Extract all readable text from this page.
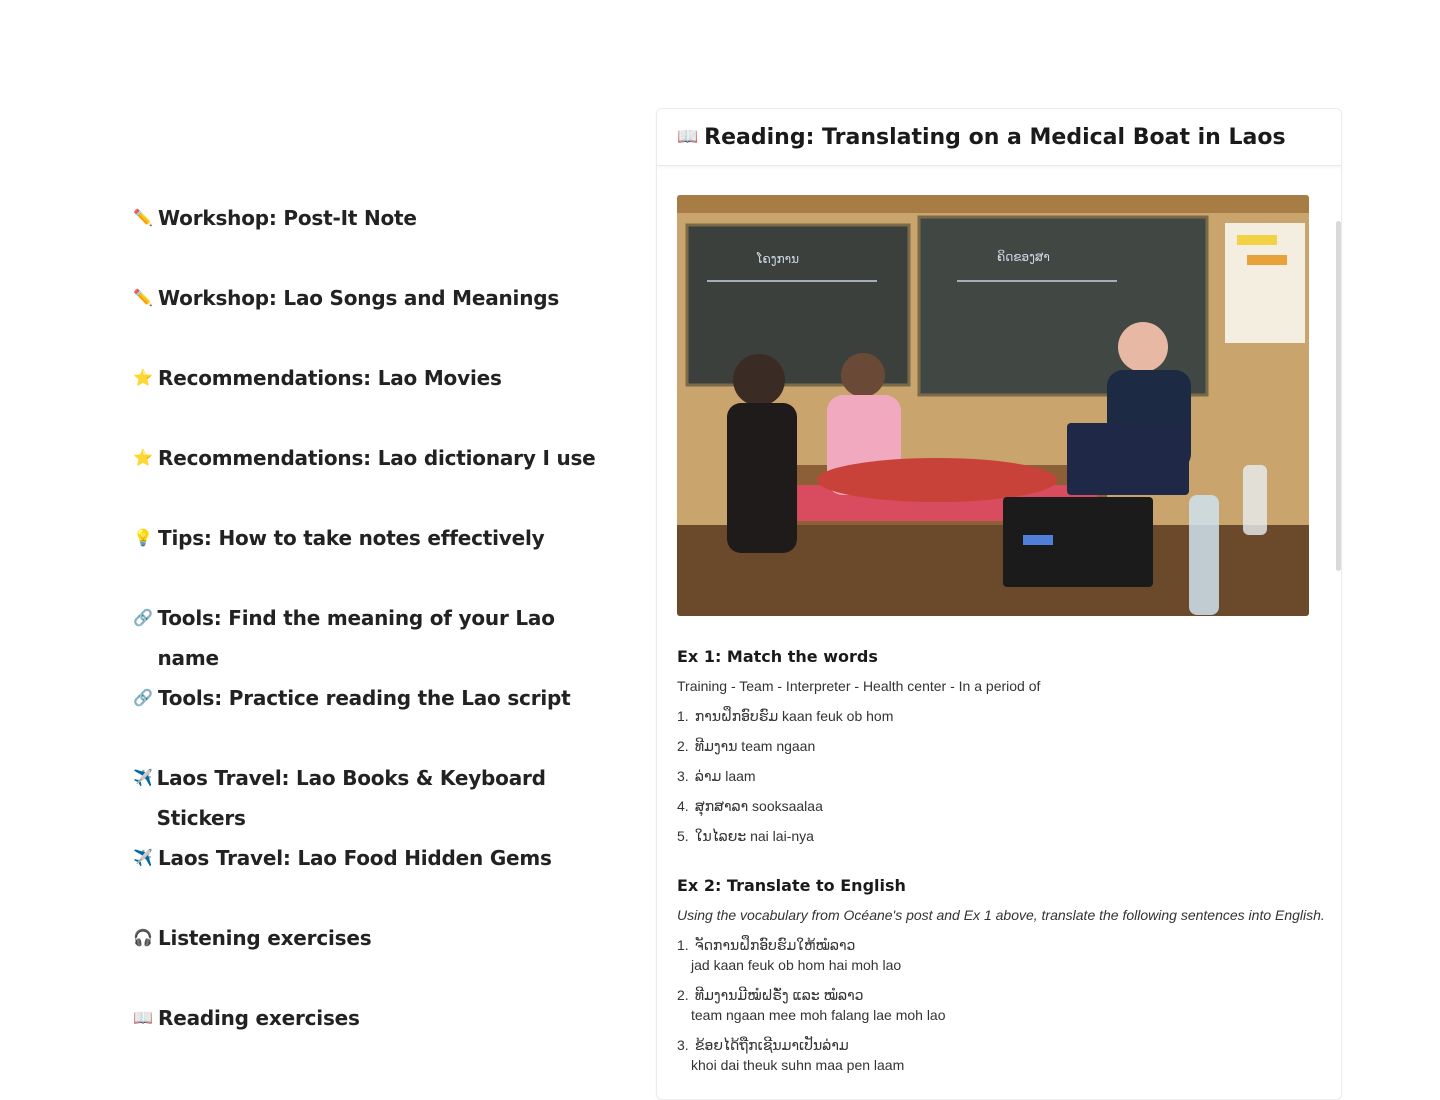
✏️ Workshop: Post-It Note
✏️ Workshop: Lao Songs and Meanings
⭐ Recommendations: Lao Movies
⭐ Recommendations: Lao dictionary I use
💡 Tips: How to take notes effectively
🔗 Tools: Find the meaning of your Lao name
🔗 Tools: Practice reading the Lao script
✈️ Laos Travel: Lao Books & Keyboard Stickers
✈️ Laos Travel: Lao Food Hidden Gems
🎧 Listening exercises
📖 Reading exercises
📖 Reading: Translating on a Medical Boat in Laos
ໂຄງການ	ຄິດຂອງສາ
Ex 1: Match the words
Training - Team - Interpreter - Health center - In a period of
1. ການຝຶກອົບຮົມ kaan feuk ob hom
2. ທີມງານ team ngaan
3. ລ່າມ laam
4. ສຸກສາລາ sooksaalaa
5. ໃນໄລຍະ nai lai-nya
Ex 2: Translate to English
Using the vocabulary from Océane's post and Ex 1 above, translate the following sentences into English.
1. ຈັດການຝຶກອົບຮົມໃຫ້ໝໍລາວ
jad kaan feuk ob hom hai moh lao
2. ທີມງານມີໝໍຝຣັ່ງ ແລະ ໝໍລາວ
team ngaan mee moh falang lae moh lao
3. ຂ້ອຍໄດ້ຖືກເຊີນມາເປັນລ່າມ
khoi dai theuk suhn maa pen laam
